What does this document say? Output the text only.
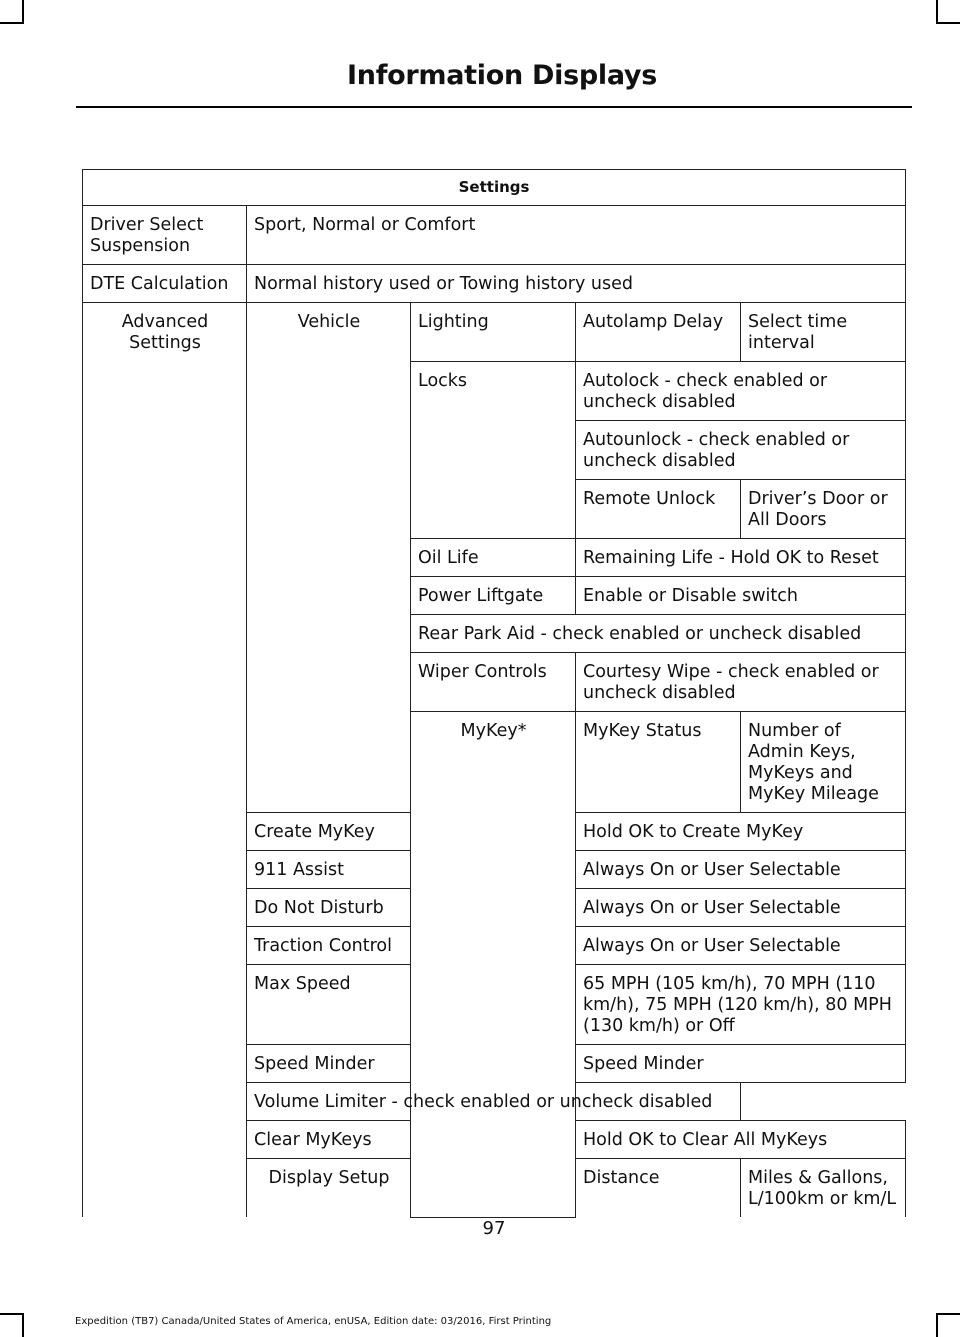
Information Displays
Settings				
Driver Select Suspension	Sport, Normal or Comfort			
DTE Calculation	Normal history used or Towing history used			
Advanced Settings	Vehicle	Lighting	Autolamp Delay	Select time interval
		Locks	Autolock - check enabled or uncheck disabled	
			Autounlock - check enabled or uncheck disabled	
			Remote Unlock	Driver’s Door or All Doors
		Oil Life	Remaining Life - Hold OK to Reset	
		Power Liftgate	Enable or Disable switch	
		Rear Park Aid - check enabled or uncheck disabled		
		Wiper Controls	Courtesy Wipe - check enabled or uncheck disabled	
		MyKey*	MyKey Status	Number of Admin Keys, MyKeys and MyKey Mileage
	Create MyKey		Hold OK to Create MyKey	
	911 Assist		Always On or User Selectable	
	Do Not Disturb		Always On or User Selectable	
	Traction Control		Always On or User Selectable	
	Max Speed		65 MPH (105 km/h), 70 MPH (110 km/h), 75 MPH (120 km/h), 80 MPH (130 km/h) or Off	
	Speed Minder		Speed Minder	
	Volume Limiter - check enabled or uncheck disabled			
	Clear MyKeys		Hold OK to Clear All MyKeys	
	Display Setup		Distance	Miles & Gallons, L/100km or km/L
97
Expedition (TB7) Canada/United States of America, enUSA, Edition date: 03/2016, First Printing
